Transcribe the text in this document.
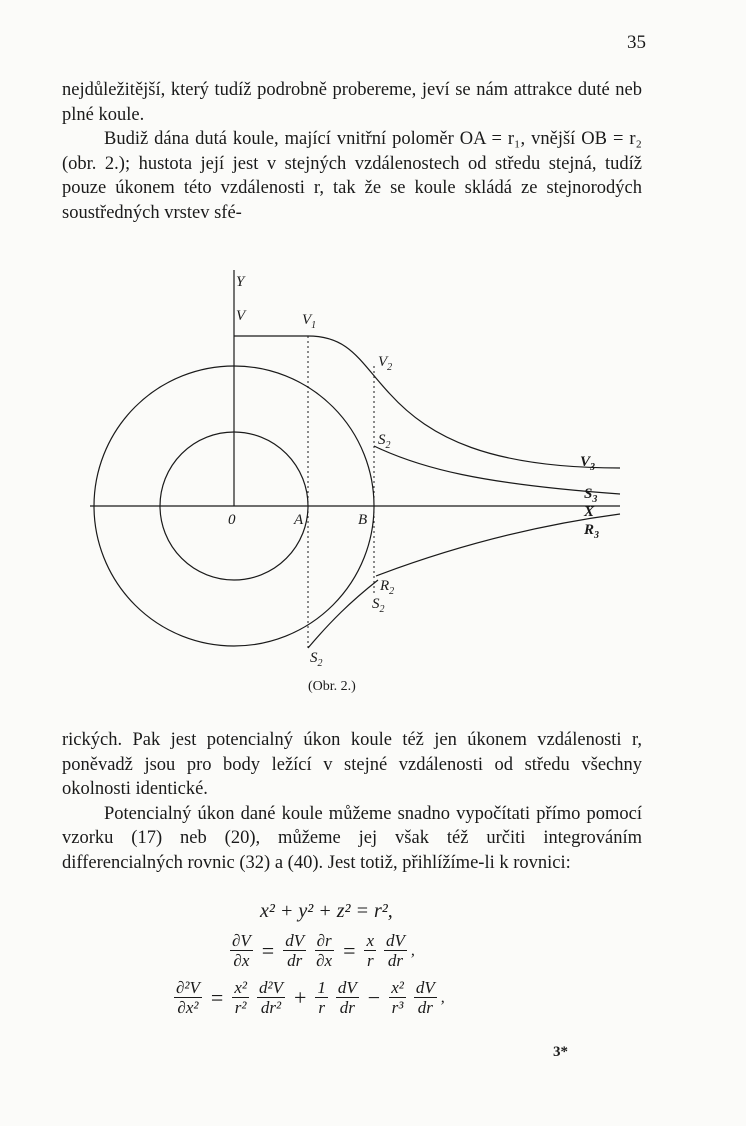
35

nejdůležitější, který tudíž podrobně probereme, jeví se nám attrakce duté neb plné koule.

Budiž dána dutá koule, mající vnitřní poloměr OA = r₁, vnější OB = r₂ (obr. 2.); hustota její jest v stejných vzdálenostech od středu stejná, tudíž pouze úkonem této vzdálenosti r, tak že se koule skládá ze stejnorodých soustředných vrstev sfé-

Y
V	$V_1$
$V_2$
$V_3$
$S_2$
$S_3$
X
$R_3$
0	A	B
$R_2$
$S_2$
$S_2$
(Obr. 2.)

rických. Pak jest potencialný úkon koule též jen úkonem vzdálenosti r, poněvadž jsou pro body ležící v stejné vzdálenosti od středu všechny okolnosti identické.

Potencialný úkon dané koule můžeme snadno vypočítati přímo pomocí vzorku (17) neb (20), můžeme jej však též určiti integrováním differencialných rovnic (32) a (40). Jest totiž, přihlížíme-li k rovnici:

x² + y² + z² = r²,
$\frac{\partial V}{\partial x} = \frac{dV}{dr} \frac{\partial r}{\partial x} = \frac{x}{r} \frac{dV}{dr}$ ,
$\frac{\text{∂²V}}{\text{∂x²}} = \frac{\text{x²}}{\text{r²}} \frac{\text{d²V}}{\text{dr²}} + \frac{1}{r} \frac{dV}{dr} - \frac{\text{x²}}{\text{r³}} \frac{dV}{dr}$ ,
3*
